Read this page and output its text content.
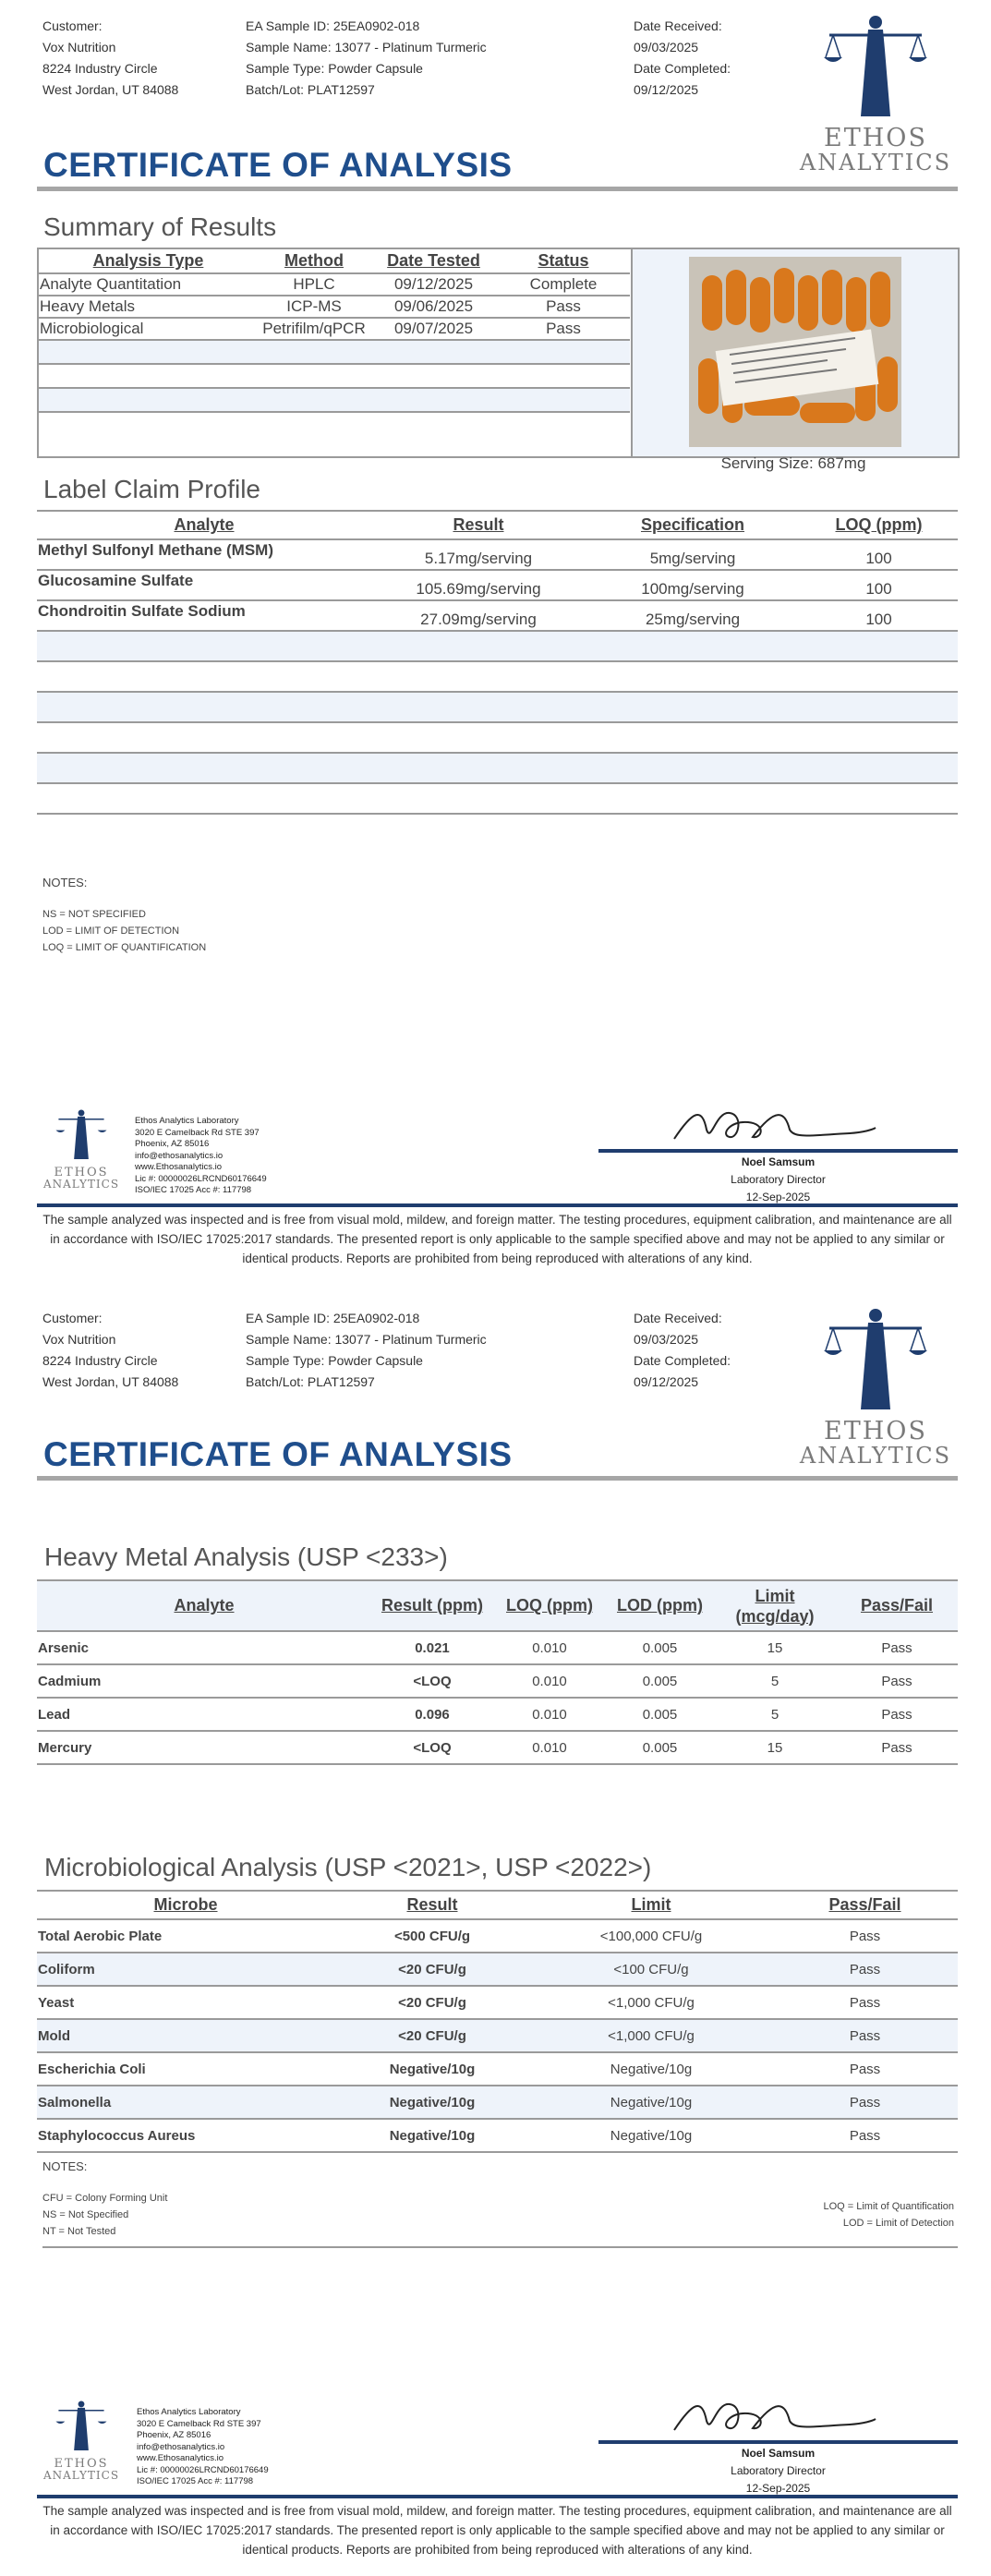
Customer:
Vox Nutrition
8224 Industry Circle
West Jordan, UT 84088
EA Sample ID: 25EA0902-018
Sample Name: 13077 - Platinum Turmeric
Sample Type: Powder Capsule
Batch/Lot: PLAT12597
Date Received:
09/03/2025
Date Completed:
09/12/2025
ETHOS
ANALYTICS
CERTIFICATE OF ANALYSIS
Summary of Results
Analysis Type	Method	Date Tested	Status
Analyte Quantitation	HPLC	09/12/2025	Complete
Heavy Metals	ICP-MS	09/06/2025	Pass
Microbiological	Petrifilm/qPCR	09/07/2025	Pass

Serving Size: 687mg
Label Claim Profile
Analyte	Result	Specification	LOQ (ppm)
Methyl Sulfonyl Methane (MSM)	5.17mg/serving	5mg/serving	100
Glucosamine Sulfate	105.69mg/serving	100mg/serving	100
Chondroitin Sulfate Sodium	27.09mg/serving	25mg/serving	100

NOTES:
NS = NOT SPECIFIED
LOD = LIMIT OF DETECTION
LOQ = LIMIT OF QUANTIFICATION
ETHOS
ANALYTICS
Ethos Analytics Laboratory
3020 E Camelback Rd STE 397
Phoenix, AZ 85016
info@ethosanalytics.io
www.Ethosanalytics.io
Lic #: 00000026LRCND60176649
ISO/IEC 17025 Acc #: 117798
Noel Samsum
Laboratory Director
12-Sep-2025
The sample analyzed was inspected and is free from visual mold, mildew, and foreign matter. The testing procedures, equipment calibration, and maintenance are all in accordance with ISO/IEC 17025:2017 standards. The presented report is only applicable to the sample specified above and may not be applied to any similar or identical products. Reports are prohibited from being reproduced with alterations of any kind.
Customer:
Vox Nutrition
8224 Industry Circle
West Jordan, UT 84088
EA Sample ID: 25EA0902-018
Sample Name: 13077 - Platinum Turmeric
Sample Type: Powder Capsule
Batch/Lot: PLAT12597
Date Received:
09/03/2025
Date Completed:
09/12/2025
ETHOS
ANALYTICS
CERTIFICATE OF ANALYSIS
Heavy Metal Analysis (USP <233>)
Analyte	Result (ppm)	LOQ (ppm)	LOD (ppm)	Limit
(mcg/day)	Pass/Fail
Arsenic	0.021	0.010	0.005	15	Pass
Cadmium	<LOQ	0.010	0.005	5	Pass
Lead	0.096	0.010	0.005	5	Pass
Mercury	<LOQ	0.010	0.005	15	Pass
Microbiological Analysis (USP <2021>, USP <2022>)
Microbe	Result	Limit	Pass/Fail
Total Aerobic Plate	<500 CFU/g	<100,000 CFU/g	Pass
Coliform	<20 CFU/g	<100 CFU/g	Pass
Yeast	<20 CFU/g	<1,000 CFU/g	Pass
Mold	<20 CFU/g	<1,000 CFU/g	Pass
Escherichia Coli	Negative/10g	Negative/10g	Pass
Salmonella	Negative/10g	Negative/10g	Pass
Staphylococcus Aureus	Negative/10g	Negative/10g	Pass
NOTES:
CFU = Colony Forming Unit
NS = Not Specified
NT = Not Tested
LOQ = Limit of Quantification
LOD = Limit of Detection
ETHOS
ANALYTICS
Ethos Analytics Laboratory
3020 E Camelback Rd STE 397
Phoenix, AZ 85016
info@ethosanalytics.io
www.Ethosanalytics.io
Lic #: 00000026LRCND60176649
ISO/IEC 17025 Acc #: 117798
Noel Samsum
Laboratory Director
12-Sep-2025
The sample analyzed was inspected and is free from visual mold, mildew, and foreign matter. The testing procedures, equipment calibration, and maintenance are all in accordance with ISO/IEC 17025:2017 standards. The presented report is only applicable to the sample specified above and may not be applied to any similar or identical products. Reports are prohibited from being reproduced with alterations of any kind.
